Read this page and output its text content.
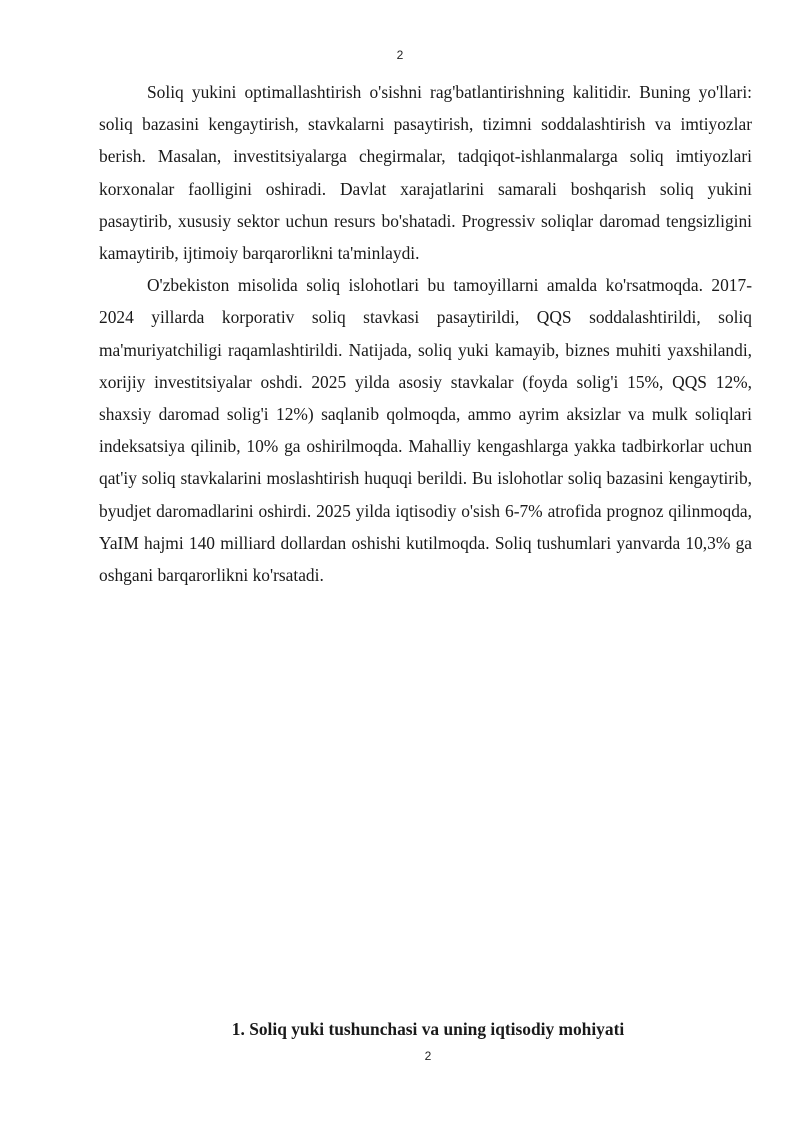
2

Soliq yukini optimallashtirish o'sishni rag'batlantirishning kalitidir. Buning yo'llari: soliq bazasini kengaytirish, stavkalarni pasaytirish, tizimni soddalashtirish va imtiyozlar berish. Masalan, investitsiyalarga chegirmalar, tadqiqot-ishlanmalarga soliq imtiyozlari korxonalar faolligini oshiradi. Davlat xarajatlarini samarali boshqarish soliq yukini pasaytirib, xususiy sektor uchun resurs bo'shatadi. Progressiv soliqlar daromad tengsizligini kamaytirib, ijtimoiy barqarorlikni ta'minlaydi.

O'zbekiston misolida soliq islohotlari bu tamoyillarni amalda ko'rsatmoqda. 2017-2024 yillarda korporativ soliq stavkasi pasaytirildi, QQS soddalashtirildi, soliq ma'muriyatchiligi raqamlashtirildi. Natijada, soliq yuki kamayib, biznes muhiti yaxshilandi, xorijiy investitsiyalar oshdi. 2025 yilda asosiy stavkalar (foyda solig'i 15%, QQS 12%, shaxsiy daromad solig'i 12%) saqlanib qolmoqda, ammo ayrim aksizlar va mulk soliqlari indeksatsiya qilinib, 10% ga oshirilmoqda. Mahalliy kengashlarga yakka tadbirkorlar uchun qat'iy soliq stavkalarini moslashtirish huquqi berildi. Bu islohotlar soliq bazasini kengaytirib, byudjet daromadlarini oshirdi. 2025 yilda iqtisodiy o'sish 6-7% atrofida prognoz qilinmoqda, YaIM hajmi 140 milliard dollardan oshishi kutilmoqda. Soliq tushumlari yanvarda 10,3% ga oshgani barqarorlikni ko'rsatadi.

1. Soliq yuki tushunchasi va uning iqtisodiy mohiyati
2
